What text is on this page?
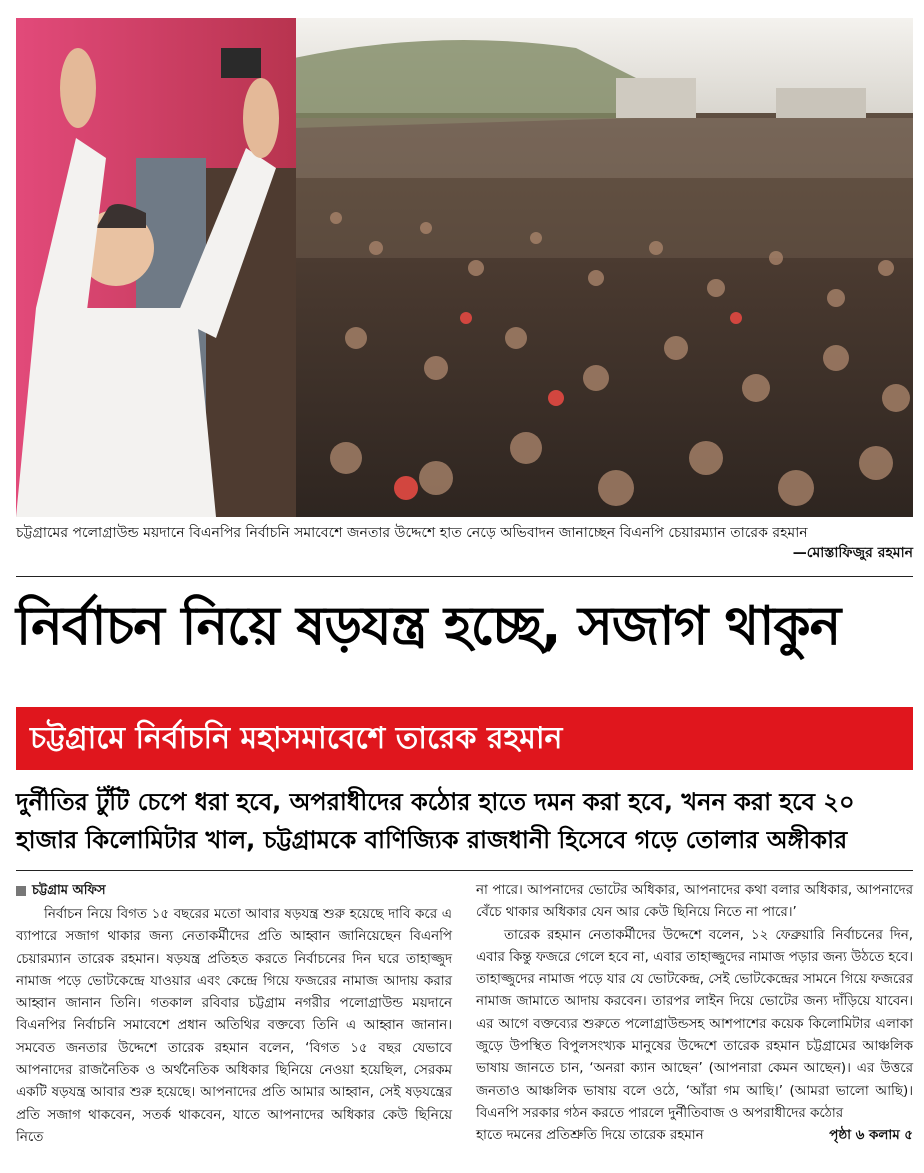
চট্টগ্রামের পলোগ্রাউন্ড ময়দানে বিএনপির নির্বাচনি সমাবেশে জনতার উদ্দেশে হাত নেড়ে অভিবাদন জানাচ্ছেন বিএনপি চেয়ারম্যান তারেক রহমান
—মোস্তাফিজুর রহমান
নির্বাচন নিয়ে ষড়যন্ত্র হচ্ছে, সজাগ থাকুন
চট্টগ্রামে নির্বাচনি মহাসমাবেশে তারেক রহমান
দুর্নীতির টুঁটি চেপে ধরা হবে, অপরাধীদের কঠোর হাতে দমন করা হবে, খনন করা হবে ২০ হাজার কিলোমিটার খাল, চট্টগ্রামকে বাণিজ্যিক রাজধানী হিসেবে গড়ে তোলার অঙ্গীকার
চট্টগ্রাম অফিস

নির্বাচন নিয়ে বিগত ১৫ বছরের মতো আবার ষড়যন্ত্র শুরু হয়েছে দাবি করে এ ব্যাপারে সজাগ থাকার জন্য নেতাকর্মীদের প্রতি আহ্বান জানিয়েছেন বিএনপি চেয়ারম্যান তারেক রহমান। ষড়যন্ত্র প্রতিহত করতে নির্বাচনের দিন ঘরে তাহাজ্জুদ নামাজ পড়ে ভোটকেন্দ্রে যাওয়ার এবং কেন্দ্রে গিয়ে ফজরের নামাজ আদায় করার আহ্বান জানান তিনি। গতকাল রবিবার চট্টগ্রাম নগরীর পলোগ্রাউন্ড ময়দানে বিএনপির নির্বাচনি সমাবেশে প্রধান অতিথির বক্তব্যে তিনি এ আহ্বান জানান। সমবেত জনতার উদ্দেশে তারেক রহমান বলেন, ‘বিগত ১৫ বছর যেভাবে আপনাদের রাজনৈতিক ও অর্থনৈতিক অধিকার ছিনিয়ে নেওয়া হয়েছিল, সেরকম একটি ষড়যন্ত্র আবার শুরু হয়েছে। আপনাদের প্রতি আমার আহ্বান, সেই ষড়যন্ত্রের প্রতি সজাগ থাকবেন, সতর্ক থাকবেন, যাতে আপনাদের অধিকার কেউ ছিনিয়ে নিতে

না পারে। আপনাদের ভোটের অধিকার, আপনাদের কথা বলার অধিকার, আপনাদের বেঁচে থাকার অধিকার যেন আর কেউ ছিনিয়ে নিতে না পারে।’

তারেক রহমান নেতাকর্মীদের উদ্দেশে বলেন, ১২ ফেব্রুয়ারি নির্বাচনের দিন, এবার কিন্তু ফজরে গেলে হবে না, এবার তাহাজ্জুদের নামাজ পড়ার জন্য উঠতে হবে। তাহাজ্জুদের নামাজ পড়ে যার যে ভোটকেন্দ্র, সেই ভোটকেন্দ্রের সামনে গিয়ে ফজরের নামাজ জামাতে আদায় করবেন। তারপর লাইন দিয়ে ভোটের জন্য দাঁড়িয়ে যাবেন। এর আগে বক্তব্যের শুরুতে পলোগ্রাউন্ডসহ আশপাশের কয়েক কিলোমিটার এলাকা জুড়ে উপস্থিত বিপুলসংখ্যক মানুষের উদ্দেশে তারেক রহমান চট্টগ্রামের আঞ্চলিক ভাষায় জানতে চান, ‘অনরা ক্যান আছেন’ (আপনারা কেমন আছেন)। এর উত্তরে জনতাও আঞ্চলিক ভাষায় বলে ওঠে, ‘আঁরা গম আছি।’ (আমরা ভালো আছি)। বিএনপি সরকার গঠন করতে পারলে দুর্নীতিবাজ ও অপরাধীদের কঠোর

হাতে দমনের প্রতিশ্রুতি দিয়ে তারেক রহমান	পৃষ্ঠা ৬ কলাম ৫
